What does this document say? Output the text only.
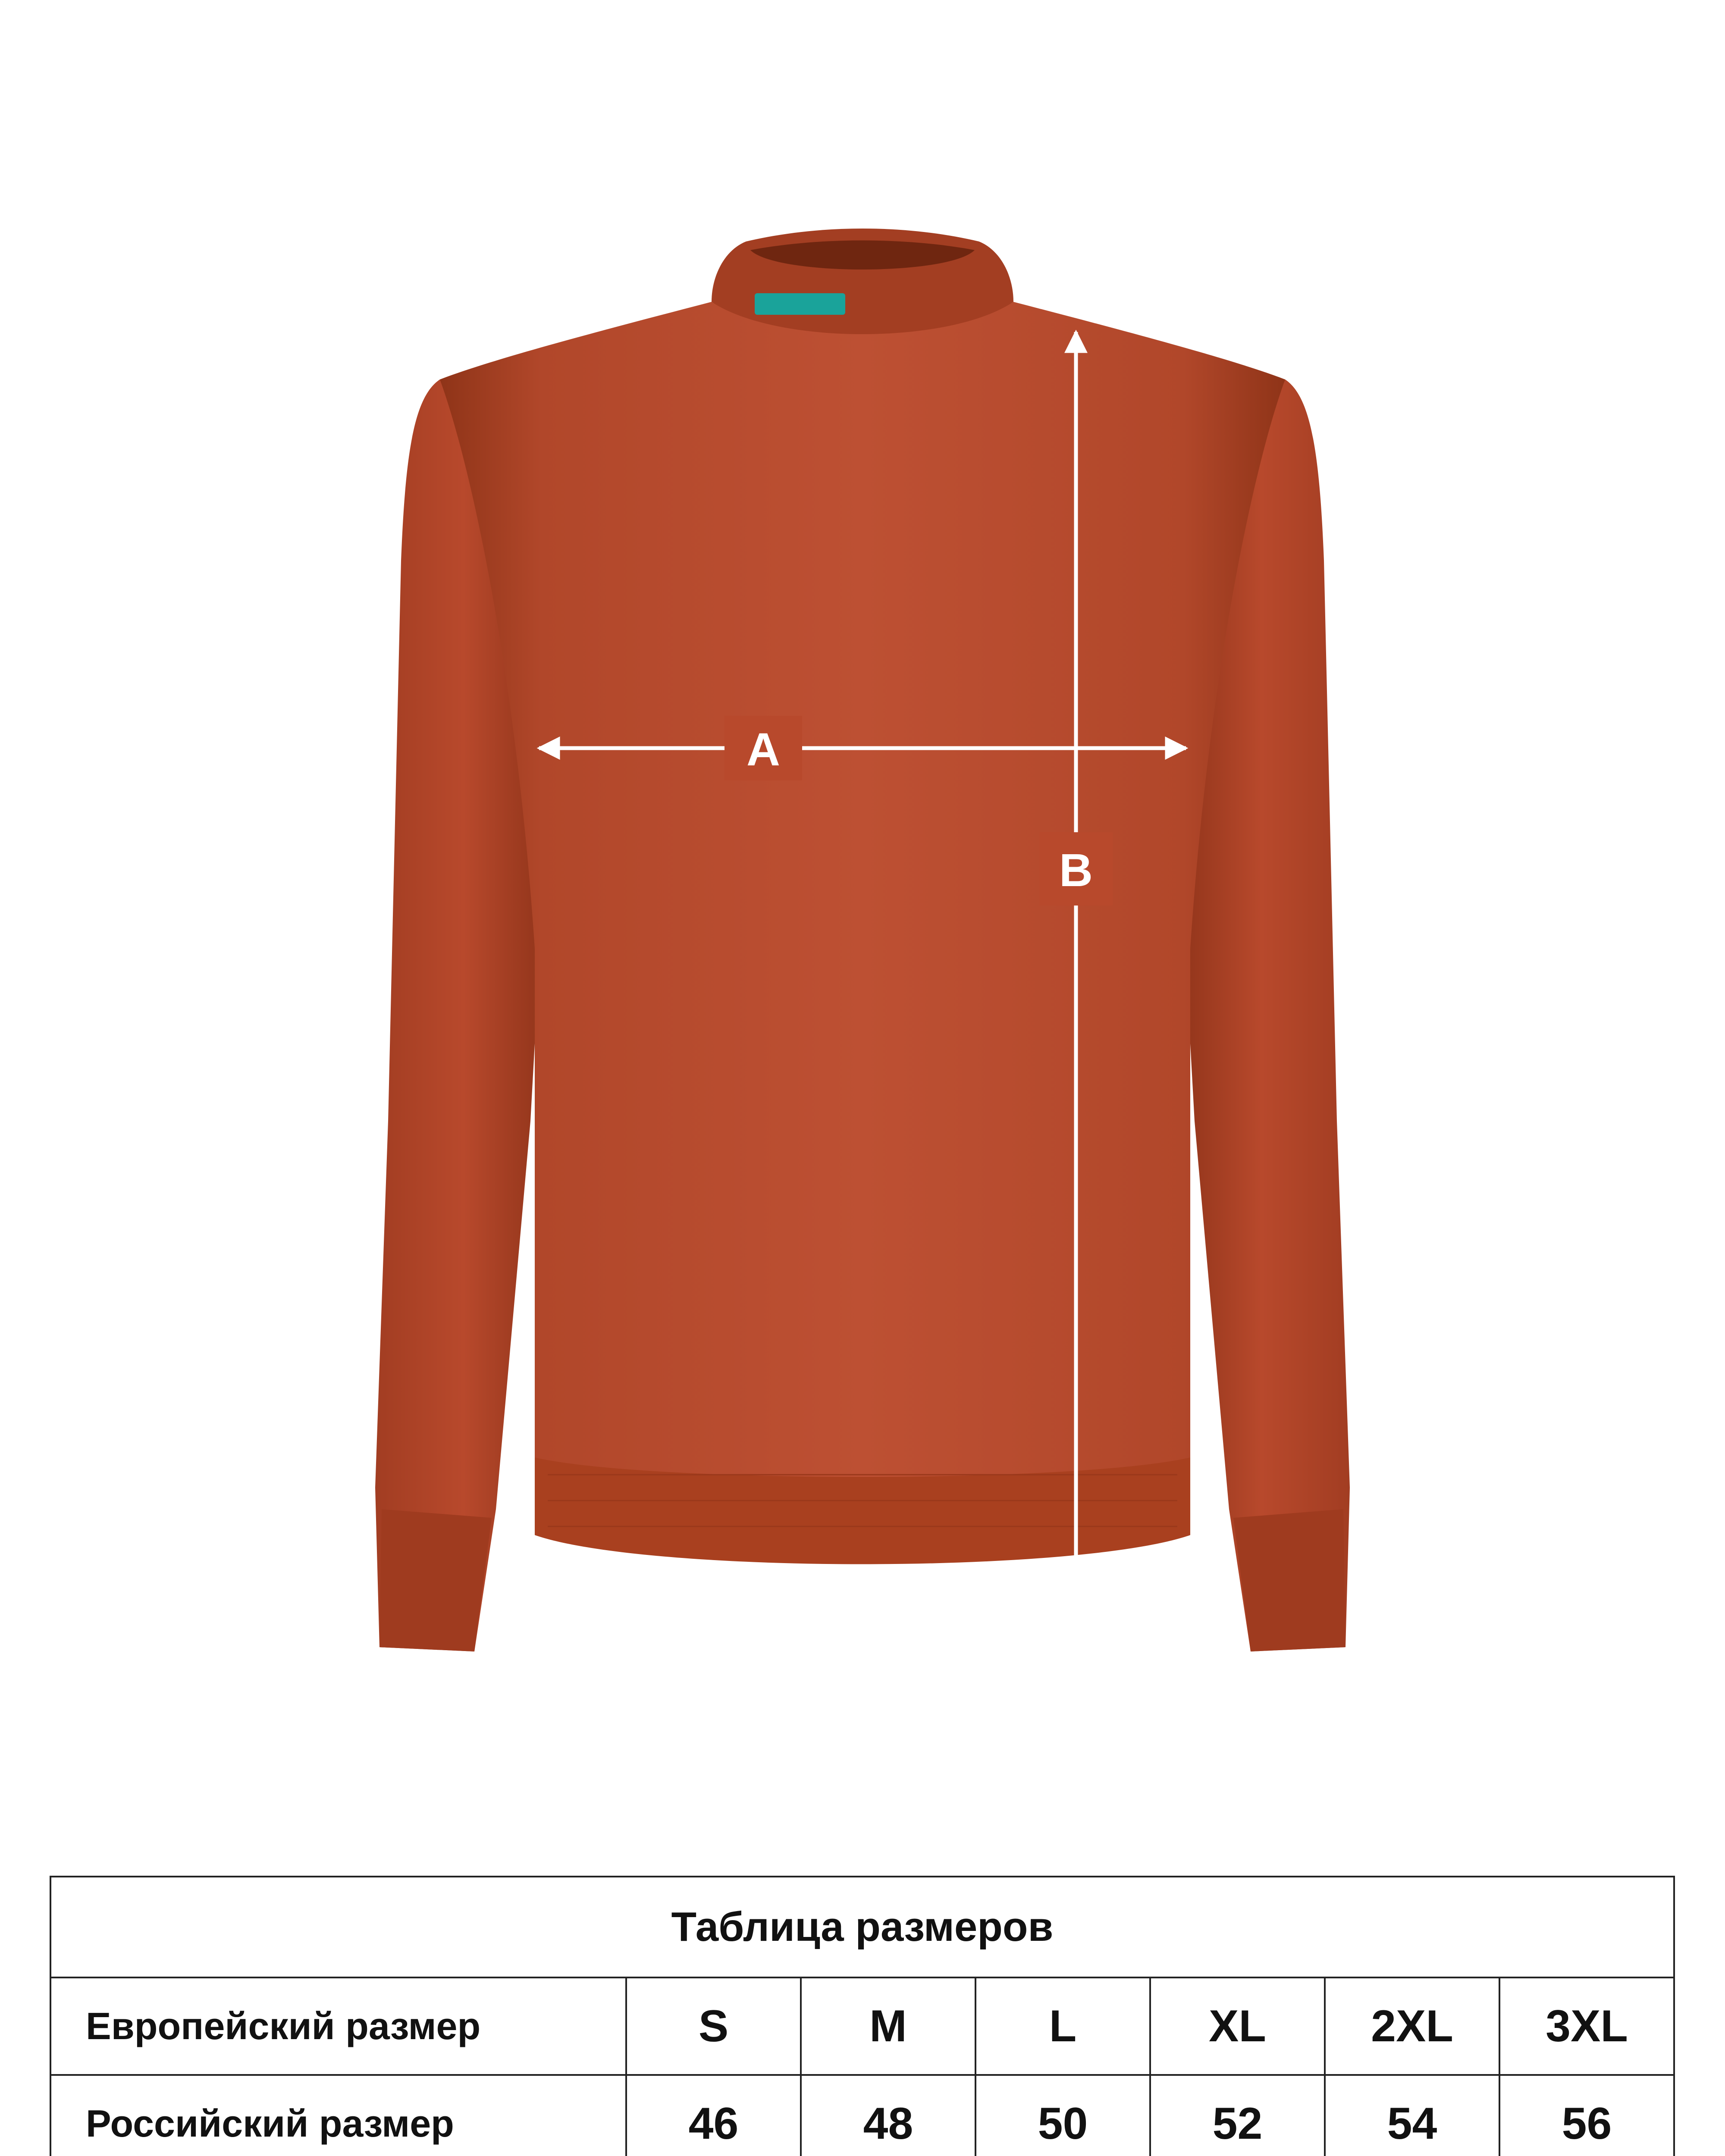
A
B
Таблица размеров						
Европейский размер	S	M	L	XL	2XL	3XL
Российский размер	46	48	50	52	54	56
